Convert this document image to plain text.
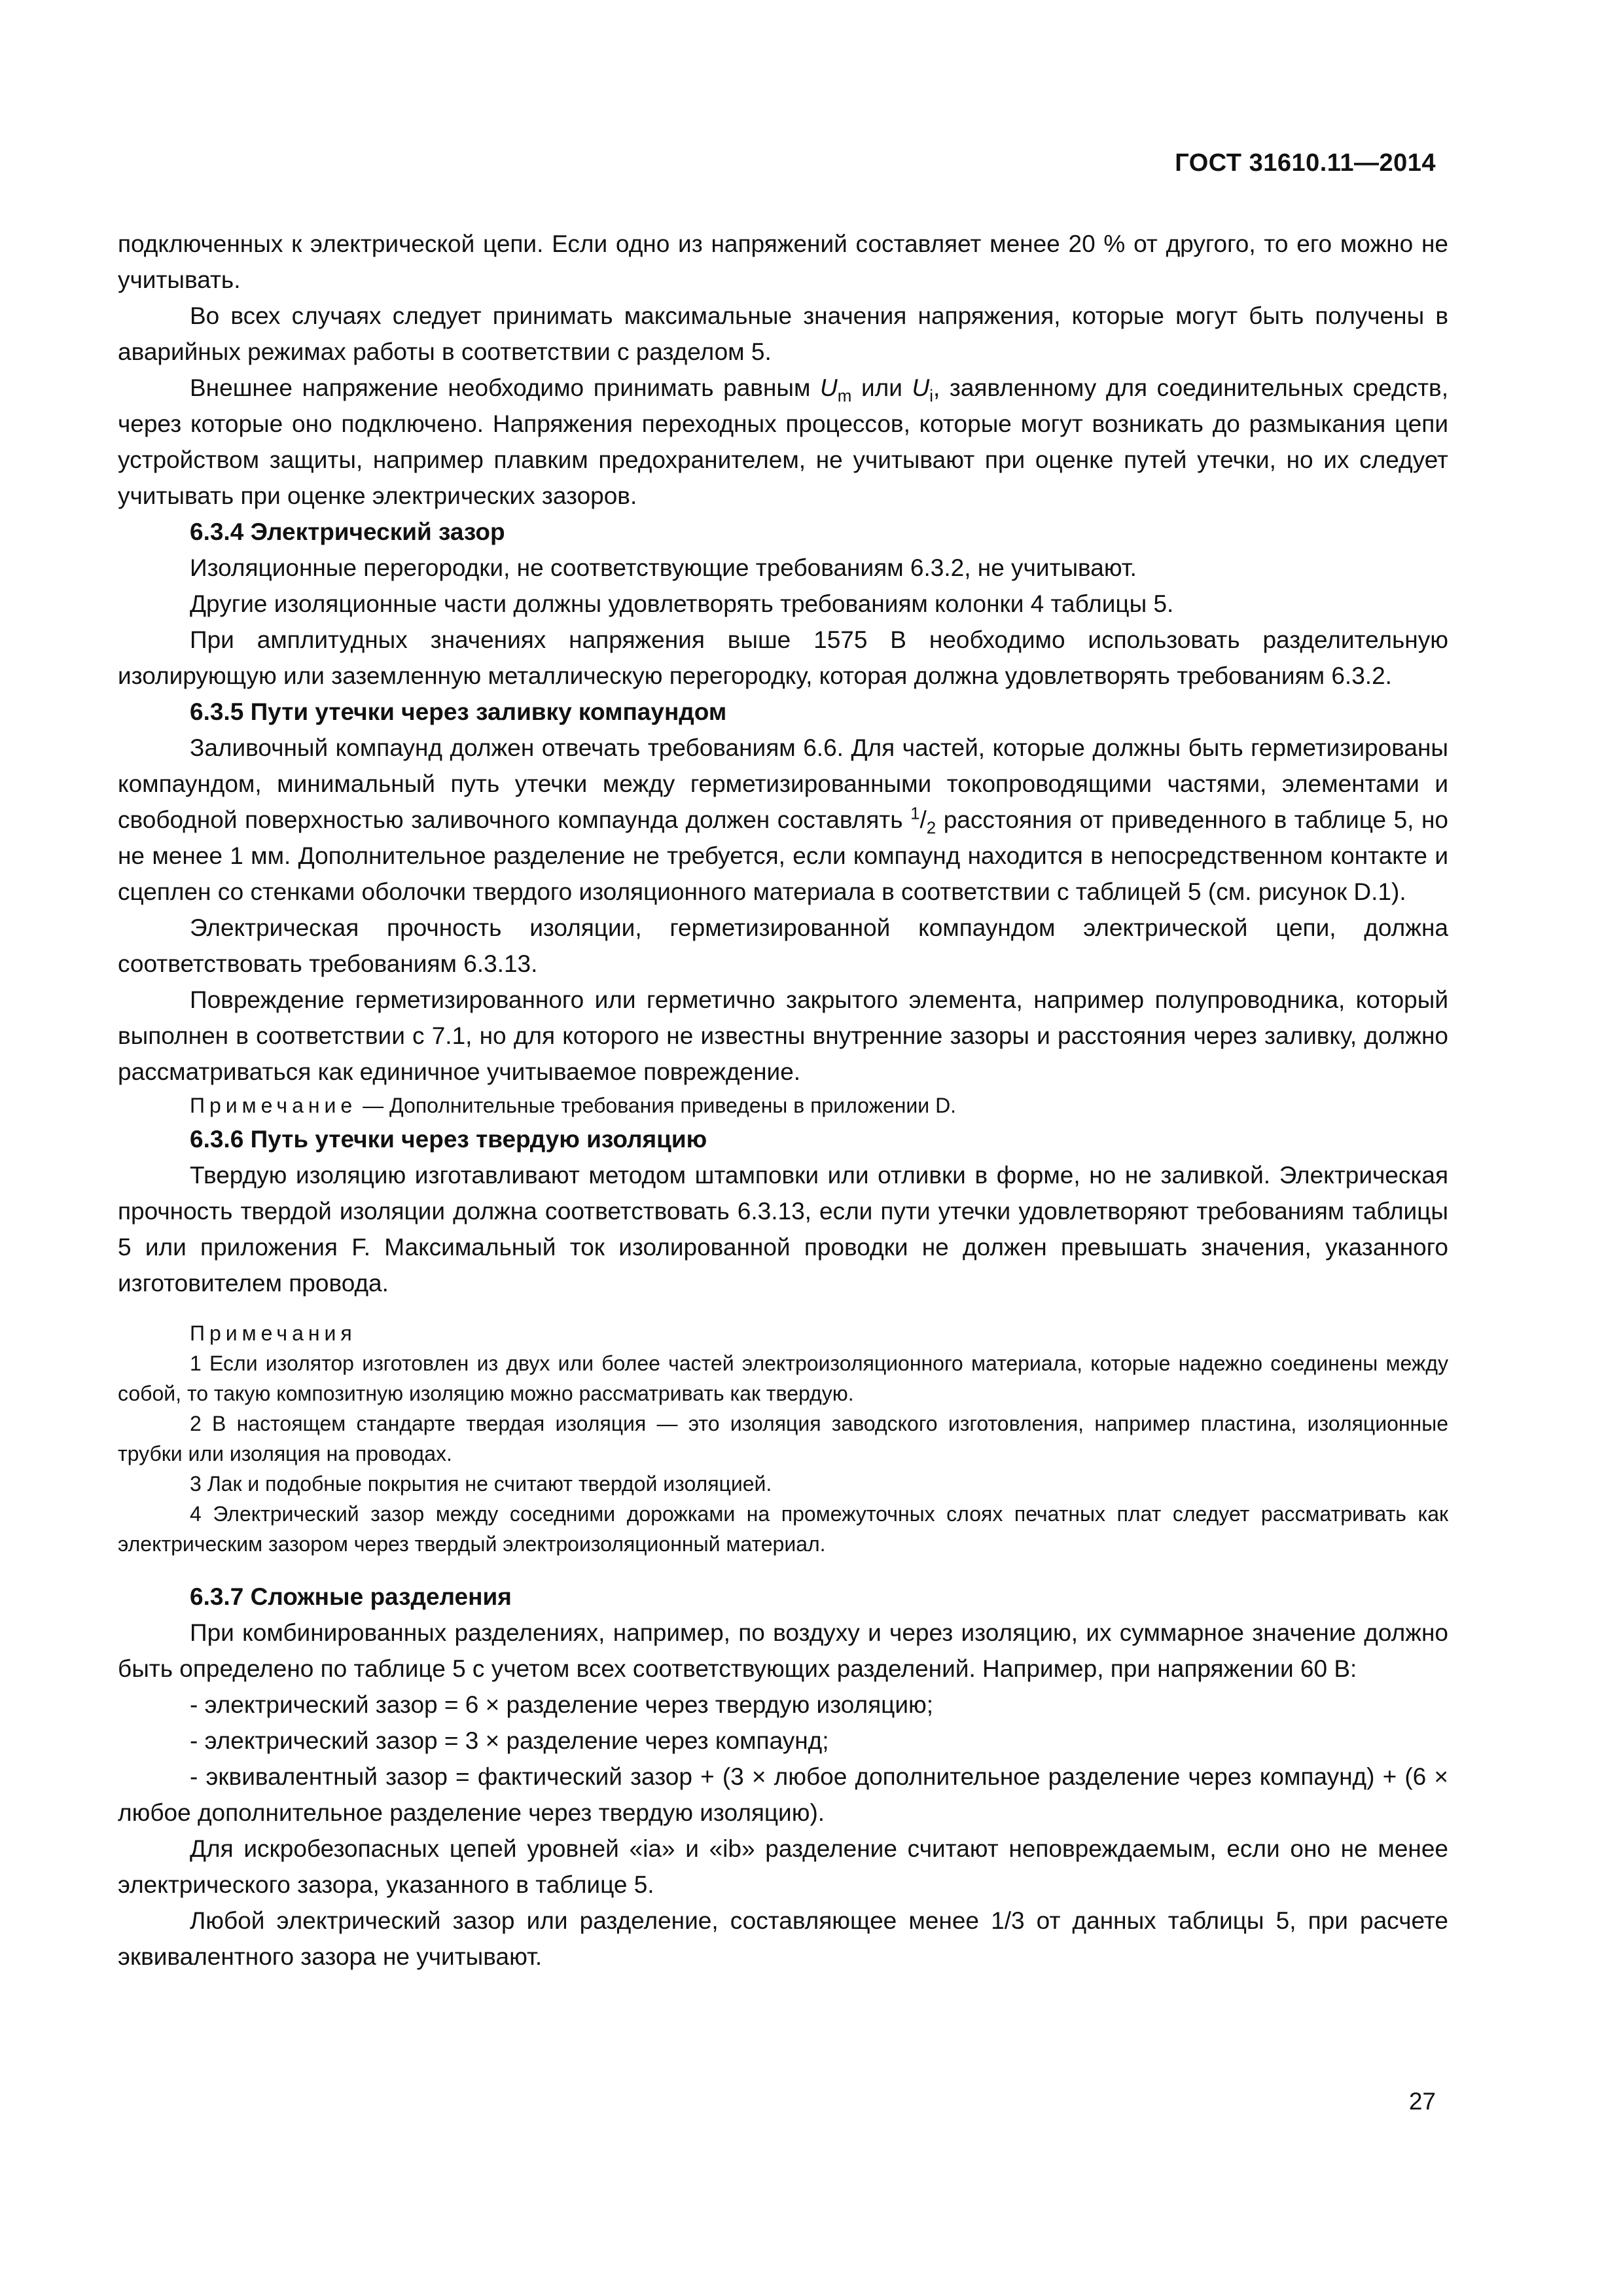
ГОСТ 31610.11—2014

подключенных к электрической цепи. Если одно из напряжений составляет менее 20 % от другого, то его можно не учитывать.

Во всех случаях следует принимать максимальные значения напряжения, которые могут быть получены в аварийных режимах работы в соответствии с разделом 5.

Внешнее напряжение необходимо принимать равным $U_m$ или $U_i$, заявленному для соединительных средств, через которые оно подключено. Напряжения переходных процессов, которые могут возникать до размыкания цепи устройством защиты, например плавким предохранителем, не учитывают при оценке путей утечки, но их следует учитывать при оценке электрических зазоров.

6.3.4 Электрический зазор

Изоляционные перегородки, не соответствующие требованиям 6.3.2, не учитывают.

Другие изоляционные части должны удовлетворять требованиям колонки 4 таблицы 5.

При амплитудных значениях напряжения выше 1575 В необходимо использовать разделительную изолирующую или заземленную металлическую перегородку, которая должна удовлетворять требованиям 6.3.2.

6.3.5 Пути утечки через заливку компаундом

Заливочный компаунд должен отвечать требованиям 6.6. Для частей, которые должны быть герметизированы компаундом, минимальный путь утечки между герметизированными токопроводящими частями, элементами и свободной поверхностью заливочного компаунда должен составлять $^1/_2$ расстояния от приведенного в таблице 5, но не менее 1 мм. Дополнительное разделение не требуется, если компаунд находится в непосредственном контакте и сцеплен со стенками оболочки твердого изоляционного материала в соответствии с таблицей 5 (см. рисунок D.1).

Электрическая прочность изоляции, герметизированной компаундом электрической цепи, должна соответствовать требованиям 6.3.13.

Повреждение герметизированного или герметично закрытого элемента, например полупроводника, который выполнен в соответствии с 7.1, но для которого не известны внутренние зазоры и расстояния через заливку, должно рассматриваться как единичное учитываемое повреждение.

Примечание — Дополнительные требования приведены в приложении D.

6.3.6 Путь утечки через твердую изоляцию

Твердую изоляцию изготавливают методом штамповки или отливки в форме, но не заливкой. Электрическая прочность твердой изоляции должна соответствовать 6.3.13, если пути утечки удовлетворяют требованиям таблицы 5 или приложения F. Максимальный ток изолированной проводки не должен превышать значения, указанного изготовителем провода.

Примечания

1 Если изолятор изготовлен из двух или более частей электроизоляционного материала, которые надежно соединены между собой, то такую композитную изоляцию можно рассматривать как твердую.

2 В настоящем стандарте твердая изоляция — это изоляция заводского изготовления, например пластина, изоляционные трубки или изоляция на проводах.

3 Лак и подобные покрытия не считают твердой изоляцией.

4 Электрический зазор между соседними дорожками на промежуточных слоях печатных плат следует рассматривать как электрическим зазором через твердый электроизоляционный материал.

6.3.7 Сложные разделения

При комбинированных разделениях, например, по воздуху и через изоляцию, их суммарное значение должно быть определено по таблице 5 с учетом всех соответствующих разделений. Например, при напряжении 60 В:

- электрический зазор = 6 × разделение через твердую изоляцию;

- электрический зазор = 3 × разделение через компаунд;

- эквивалентный зазор = фактический зазор + (3 × любое дополнительное разделение через компаунд) + (6 × любое дополнительное разделение через твердую изоляцию).

Для искробезопасных цепей уровней «ia» и «ib» разделение считают неповреждаемым, если оно не менее электрического зазора, указанного в таблице 5.

Любой электрический зазор или разделение, составляющее менее 1/3 от данных таблицы 5, при расчете эквивалентного зазора не учитывают.

27
